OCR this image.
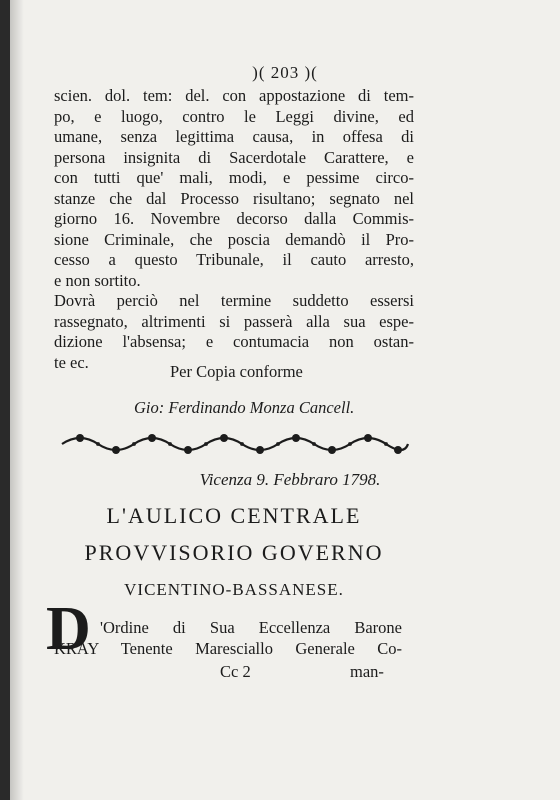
)( 203 )(
scien. dol. tem: del. con appostazione di tem-
po, e luogo, contro le Leggi divine, ed
umane, senza legittima causa, in offesa di
persona insignita di Sacerdotale Carattere, e
con tutti que' mali, modi, e pessime circo-
stanze che dal Processo risultano; segnato nel
giorno 16. Novembre decorso dalla Commis-
sione Criminale, che poscia demandò il Pro-
cesso a questo Tribunale, il cauto arresto,
e non sortito.
Dovrà perciò nel termine suddetto essersi
rassegnato, altrimenti si passerà alla sua espe-
dizione l'absensa; e contumacia non ostan-
te ec.	Per Copia conforme
Gio: Ferdinando Monza Cancell.
Vicenza 9. Febbraro 1798.
L'AULICO CENTRALE
PROVVISORIO GOVERNO
VICENTINO-BASSANESE.
D 'Ordine di Sua Eccellenza Barone
KRAY Tenente Maresciallo Generale Co-
Cc 2	man-
